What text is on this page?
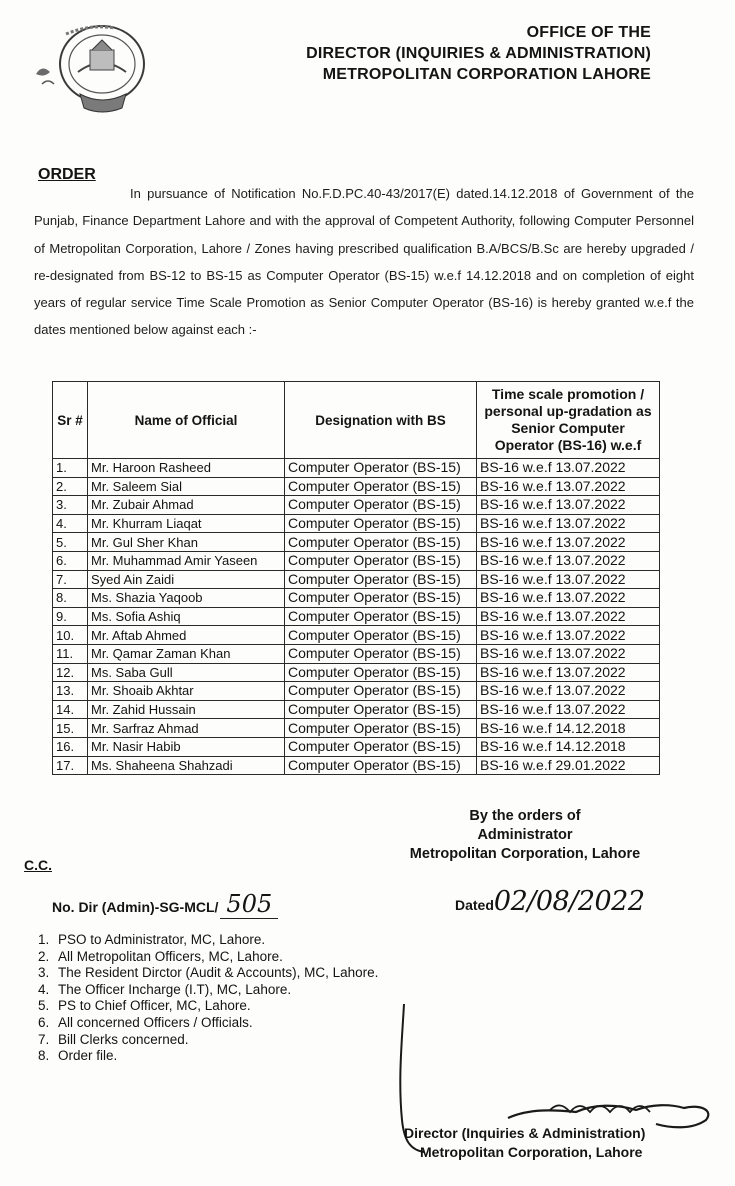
OFFICE OF THE
DIRECTOR (INQUIRIES & ADMINISTRATION)
METROPOLITAN CORPORATION LAHORE
ORDER
In pursuance of Notification No.F.D.PC.40-43/2017(E) dated.14.12.2018 of Government of the Punjab, Finance Department Lahore and with the approval of Competent Authority, following Computer Personnel of Metropolitan Corporation, Lahore / Zones having prescribed qualification B.A/BCS/B.Sc are hereby upgraded / re-designated from BS-12 to BS-15 as Computer Operator (BS-15) w.e.f 14.12.2018 and on completion of eight years of regular service Time Scale Promotion as Senior Computer Operator (BS-16) is hereby granted w.e.f the dates mentioned below against each :-
Sr #	Name of Official	Designation with BS	Time scale promotion / personal up-gradation as Senior Computer Operator (BS-16) w.e.f
1.	Mr. Haroon Rasheed	Computer Operator (BS-15)	BS-16 w.e.f 13.07.2022
2.	Mr. Saleem Sial	Computer Operator (BS-15)	BS-16 w.e.f 13.07.2022
3.	Mr. Zubair Ahmad	Computer Operator (BS-15)	BS-16 w.e.f 13.07.2022
4.	Mr. Khurram Liaqat	Computer Operator (BS-15)	BS-16 w.e.f 13.07.2022
5.	Mr. Gul Sher Khan	Computer Operator (BS-15)	BS-16 w.e.f 13.07.2022
6.	Mr. Muhammad Amir Yaseen	Computer Operator (BS-15)	BS-16 w.e.f 13.07.2022
7.	Syed Ain Zaidi	Computer Operator (BS-15)	BS-16 w.e.f 13.07.2022
8.	Ms. Shazia Yaqoob	Computer Operator (BS-15)	BS-16 w.e.f 13.07.2022
9.	Ms. Sofia Ashiq	Computer Operator (BS-15)	BS-16 w.e.f 13.07.2022
10.	Mr. Aftab Ahmed	Computer Operator (BS-15)	BS-16 w.e.f 13.07.2022
11.	Mr. Qamar Zaman Khan	Computer Operator (BS-15)	BS-16 w.e.f 13.07.2022
12.	Ms. Saba Gull	Computer Operator (BS-15)	BS-16 w.e.f 13.07.2022
13.	Mr. Shoaib Akhtar	Computer Operator (BS-15)	BS-16 w.e.f 13.07.2022
14.	Mr. Zahid Hussain	Computer Operator (BS-15)	BS-16 w.e.f 13.07.2022
15.	Mr. Sarfraz Ahmad	Computer Operator (BS-15)	BS-16 w.e.f 14.12.2018
16.	Mr. Nasir Habib	Computer Operator (BS-15)	BS-16 w.e.f 14.12.2018
17.	Ms. Shaheena Shahzadi	Computer Operator (BS-15)	BS-16 w.e.f 29.01.2022
By the orders of
Administrator
Metropolitan Corporation, Lahore
C.C.
No. Dir (Admin)-SG-MCL/ 505	Dated02/08/2022
1. PSO to Administrator, MC, Lahore.
2. All Metropolitan Officers, MC, Lahore.
3. The Resident Dirctor (Audit & Accounts), MC, Lahore.
4. The Officer Incharge (I.T), MC, Lahore.
5. PS to Chief Officer, MC, Lahore.
6. All concerned Officers / Officials.
7. Bill Clerks concerned.
8. Order file.
Director (Inquiries & Administration)
Metropolitan Corporation, Lahore
